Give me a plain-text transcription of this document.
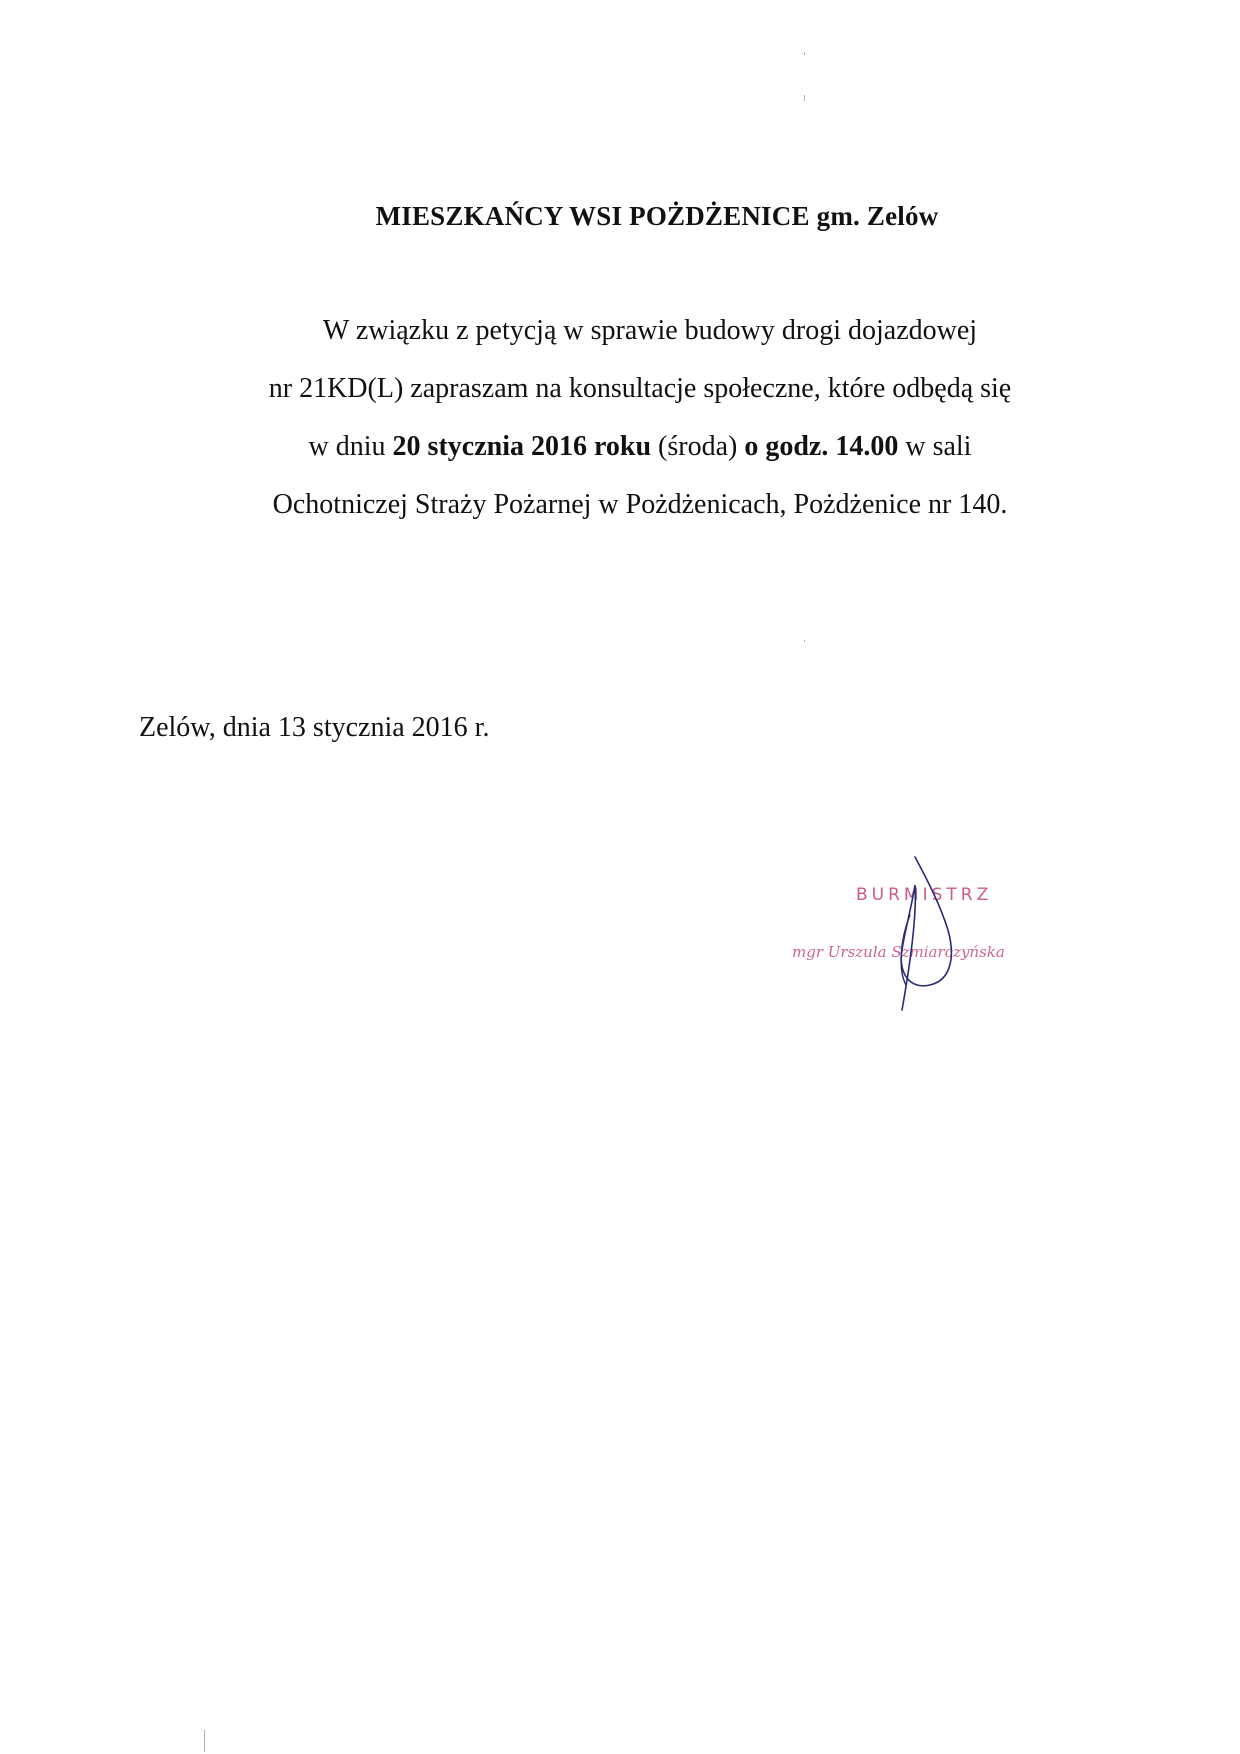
MIESZKAŃCY WSI POŻDŻENICE gm. Zelów
W związku z petycją w sprawie budowy drogi dojazdowej
nr 21KD(L) zapraszam na konsultacje społeczne, które odbędą się
w dniu 20 stycznia 2016 roku (środa) o godz. 14.00 w sali
Ochotniczej Straży Pożarnej w Pożdżenicach, Pożdżenice nr 140.
Zelów, dnia 13 stycznia 2016 r.
BURMISTRZ
mgr Urszula Szmiarczyńska
